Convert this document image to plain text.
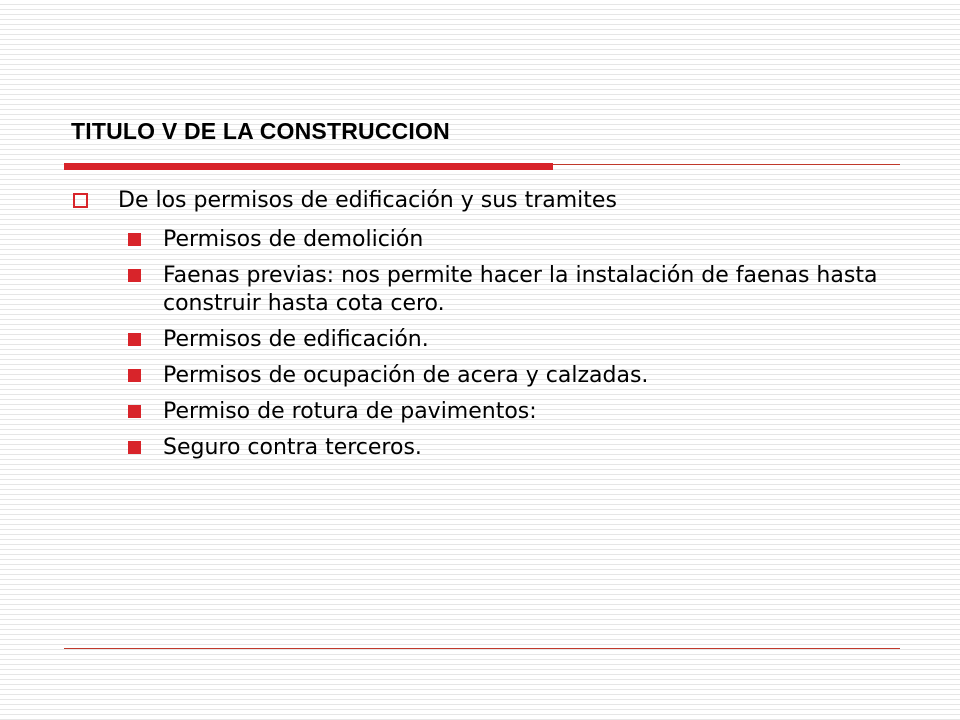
TITULO V DE LA CONSTRUCCION
De los permisos de edificación y sus tramites
Permisos de demolición
Faenas previas: nos permite hacer la instalación de faenas hasta construir hasta cota cero.
Permisos de edificación.
Permisos de ocupación de acera y calzadas.
Permiso de rotura de pavimentos:
Seguro contra terceros.
